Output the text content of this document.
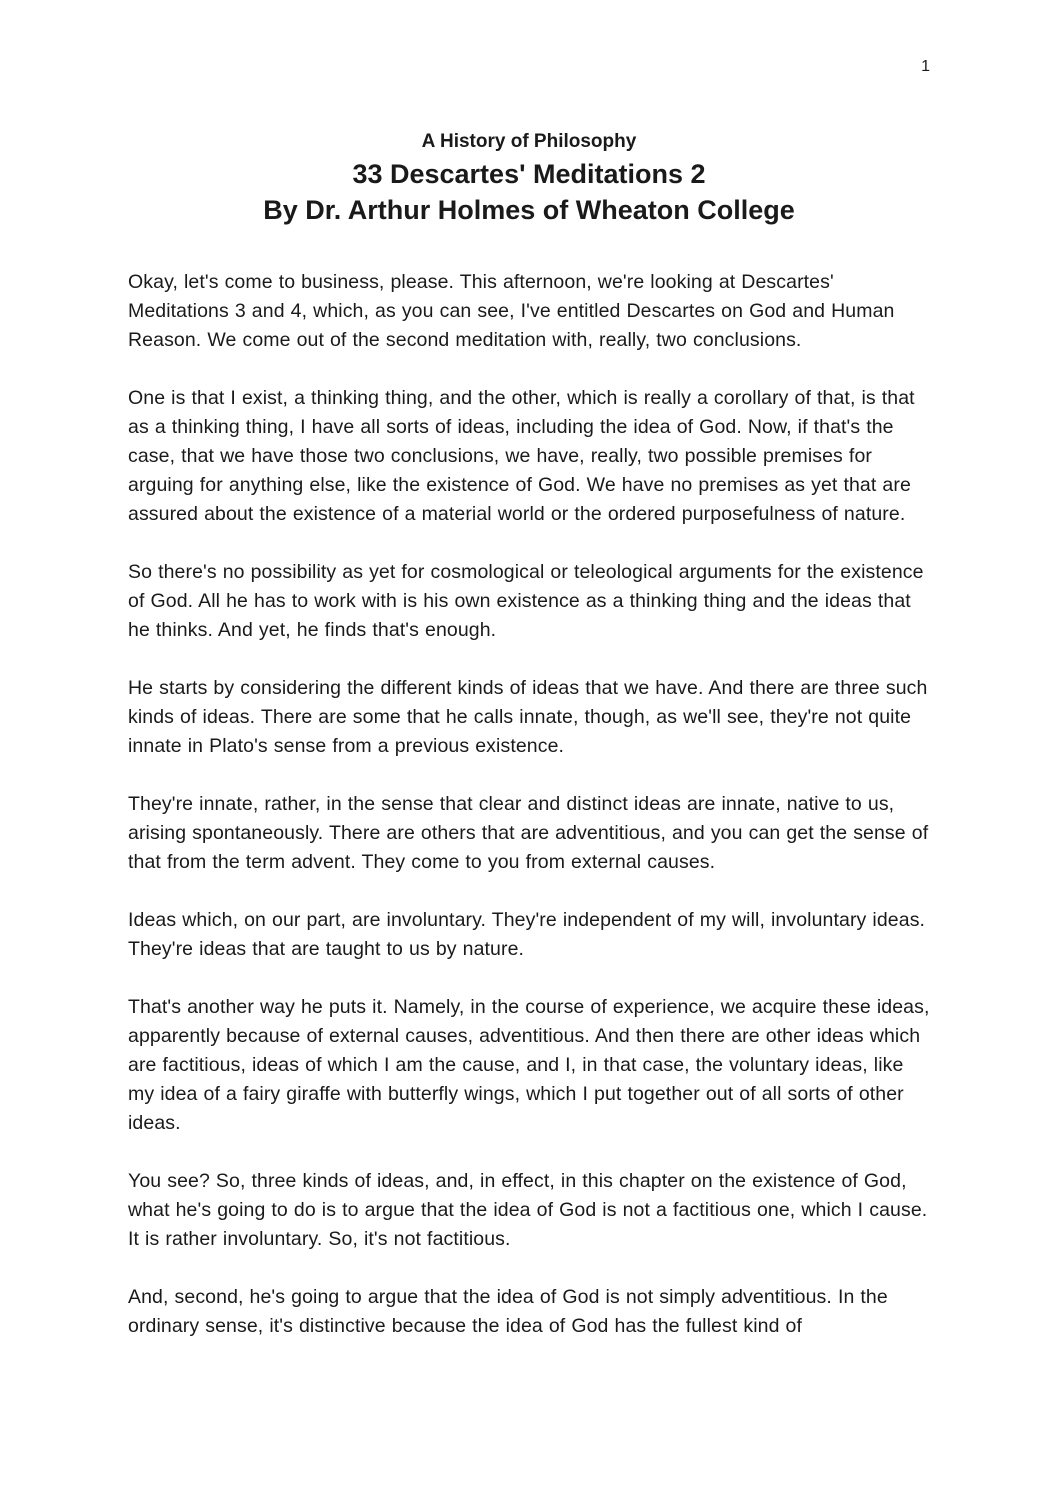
1
A History of Philosophy
33 Descartes' Meditations 2
By Dr. Arthur Holmes of Wheaton College

Okay, let's come to business, please. This afternoon, we're looking at Descartes' Meditations 3 and 4, which, as you can see, I've entitled Descartes on God and Human Reason. We come out of the second meditation with, really, two conclusions.

One is that I exist, a thinking thing, and the other, which is really a corollary of that, is that as a thinking thing, I have all sorts of ideas, including the idea of God. Now, if that's the case, that we have those two conclusions, we have, really, two possible premises for arguing for anything else, like the existence of God. We have no premises as yet that are assured about the existence of a material world or the ordered purposefulness of nature.

So there's no possibility as yet for cosmological or teleological arguments for the existence of God. All he has to work with is his own existence as a thinking thing and the ideas that he thinks. And yet, he finds that's enough.

He starts by considering the different kinds of ideas that we have. And there are three such kinds of ideas. There are some that he calls innate, though, as we'll see, they're not quite innate in Plato's sense from a previous existence.

They're innate, rather, in the sense that clear and distinct ideas are innate, native to us, arising spontaneously. There are others that are adventitious, and you can get the sense of that from the term advent. They come to you from external causes.

Ideas which, on our part, are involuntary. They're independent of my will, involuntary ideas. They're ideas that are taught to us by nature.

That's another way he puts it. Namely, in the course of experience, we acquire these ideas, apparently because of external causes, adventitious. And then there are other ideas which are factitious, ideas of which I am the cause, and I, in that case, the voluntary ideas, like my idea of a fairy giraffe with butterfly wings, which I put together out of all sorts of other ideas.

You see? So, three kinds of ideas, and, in effect, in this chapter on the existence of God, what he's going to do is to argue that the idea of God is not a factitious one, which I cause. It is rather involuntary. So, it's not factitious.

And, second, he's going to argue that the idea of God is not simply adventitious. In the ordinary sense, it's distinctive because the idea of God has the fullest kind of
